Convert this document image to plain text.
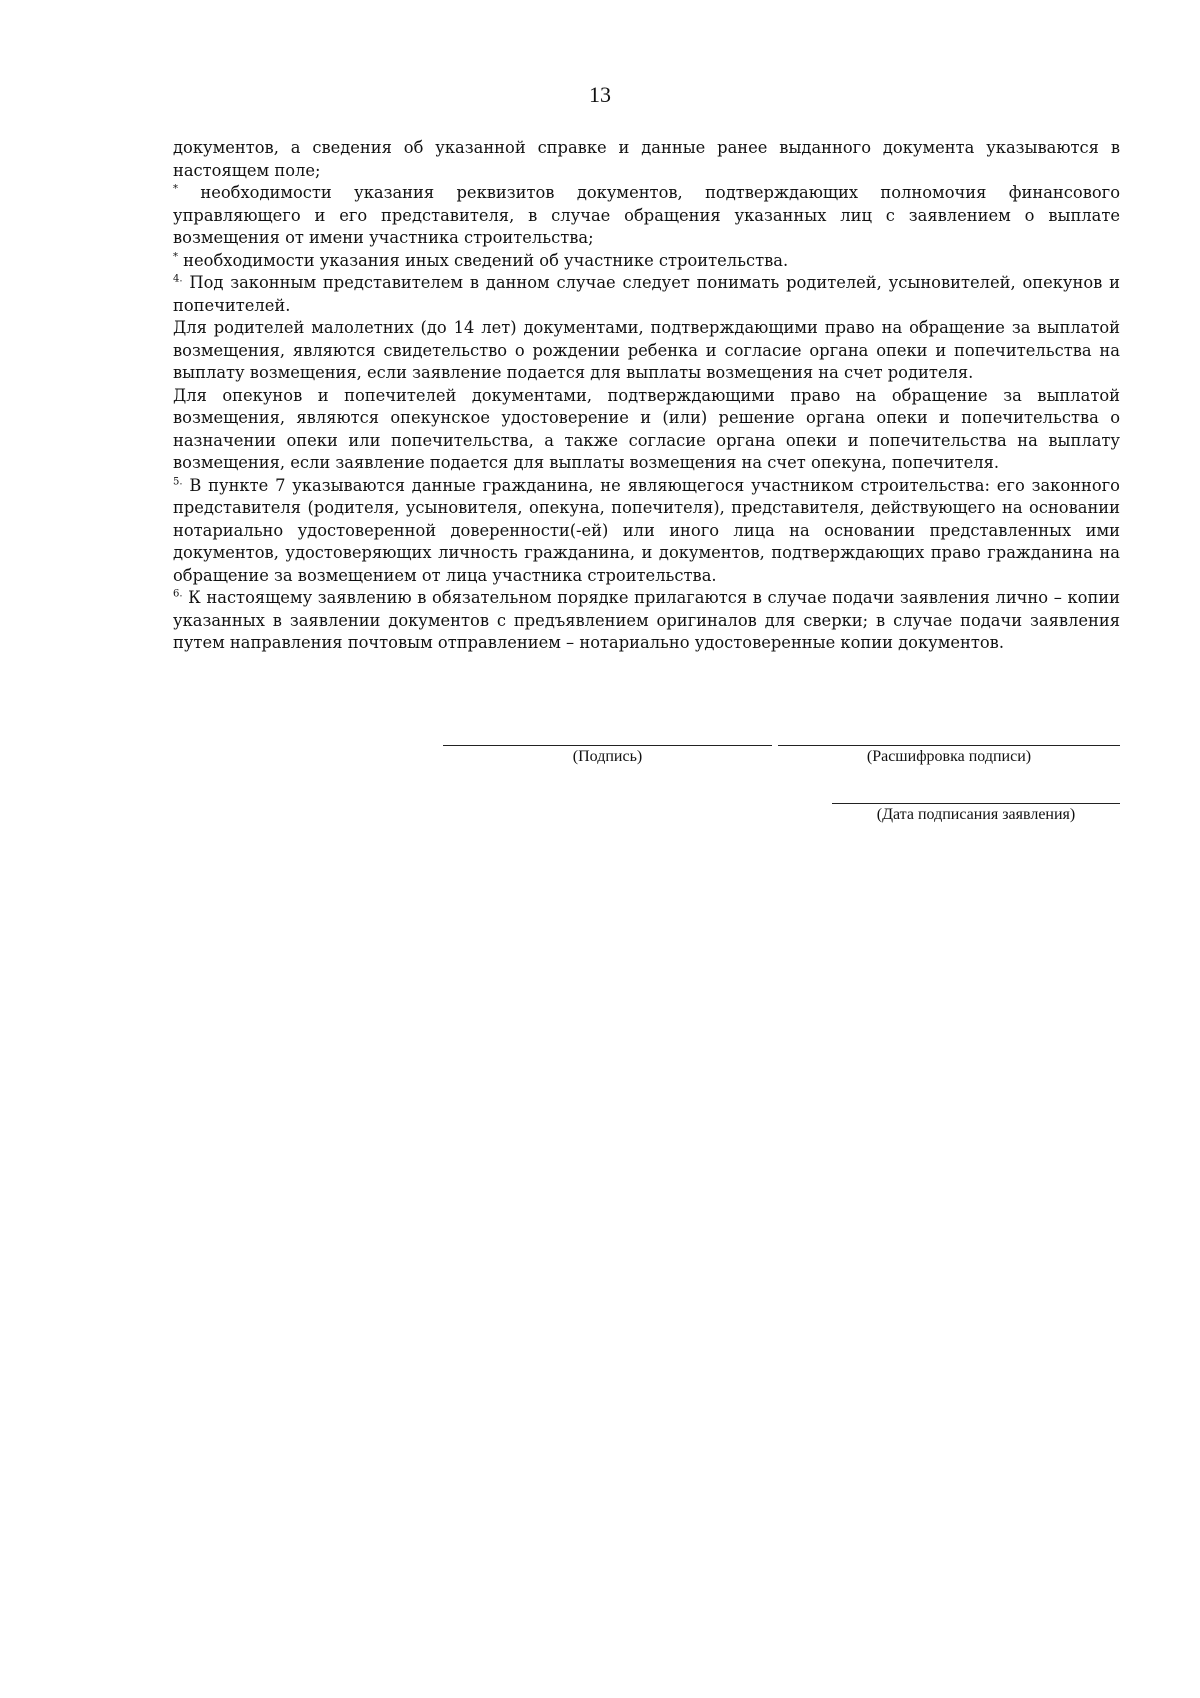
13

документов, а сведения об указанной справке и данные ранее выданного документа указываются в настоящем поле;

* необходимости указания реквизитов документов, подтверждающих полномочия финансового управляющего и его представителя, в случае обращения указанных лиц с заявлением о выплате возмещения от имени участника строительства;

* необходимости указания иных сведений об участнике строительства.

$^{4.}$ Под законным представителем в данном случае следует понимать родителей, усыновителей, опекунов и попечителей.

Для родителей малолетних (до 14 лет) документами, подтверждающими право на обращение за выплатой возмещения, являются свидетельство о рождении ребенка и согласие органа опеки и попечительства на выплату возмещения, если заявление подается для выплаты возмещения на счет родителя.

Для опекунов и попечителей документами, подтверждающими право на обращение за выплатой возмещения, являются опекунское удостоверение и (или) решение органа опеки и попечительства о назначении опеки или попечительства, а также согласие органа опеки и попечительства на выплату возмещения, если заявление подается для выплаты возмещения на счет опекуна, попечителя.

$^{5.}$ В пункте 7 указываются данные гражданина, не являющегося участником строительства: его законного представителя (родителя, усыновителя, опекуна, попечителя), представителя, действующего на основании нотариально удостоверенной доверенности(-ей) или иного лица на основании представленных ими документов, удостоверяющих личность гражданина, и документов, подтверждающих право гражданина на обращение за возмещением от лица участника строительства.

$^{6.}$ К настоящему заявлению в обязательном порядке прилагаются в случае подачи заявления лично – копии указанных в заявлении документов с предъявлением оригиналов для сверки; в случае подачи заявления путем направления почтовым отправлением – нотариально удостоверенные копии документов.

(Подпись)	(Расшифровка подписи)
(Дата подписания заявления)
